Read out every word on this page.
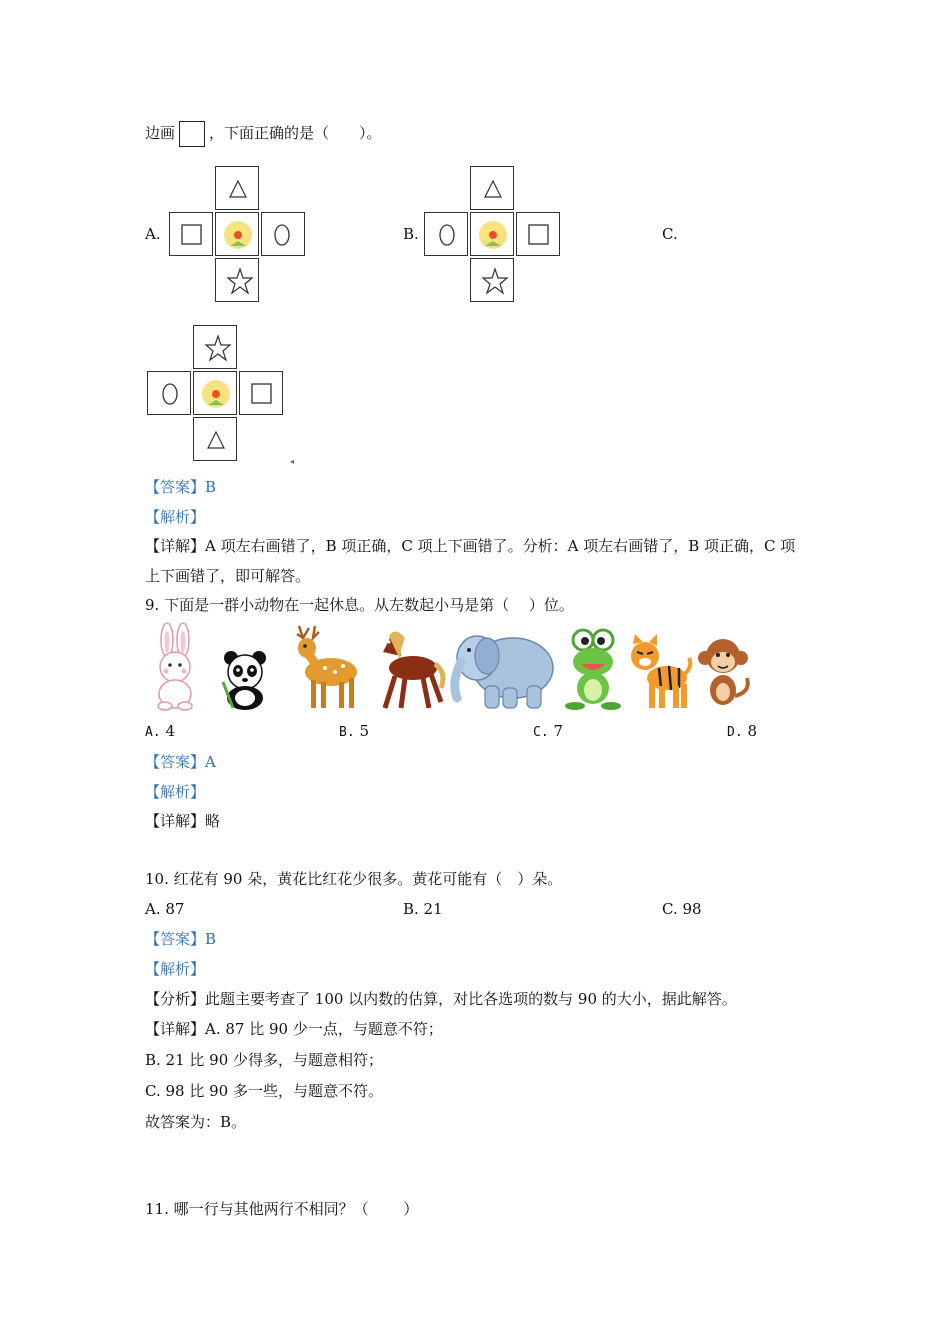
边画 ，下面正确的是（　　）。
A.	B.	C.
◂
【答案】B
【解析】
【详解】A 项左右画错了，B 项正确，C 项上下画错了。分析：A 项左右画错了，B 项正确，C 项
上下画错了，即可解答。
9. 下面是一群小动物在一起休息。从左数起小马是第（　 ）位。
A. 4	B. 5	C. 7	D. 8
【答案】A
【解析】
【详解】略
10. 红花有 90 朵，黄花比红花少很多。黄花可能有（　）朵。
A. 87	B. 21	C. 98
【答案】B
【解析】
【分析】此题主要考查了 100 以内数的估算，对比各选项的数与 90 的大小，据此解答。
【详解】A. 87 比 90 少一点，与题意不符；
B. 21 比 90 少得多，与题意相符；
C. 98 比 90 多一些，与题意不符。
故答案为：B。
11. 哪一行与其他两行不相同？（　　 ）
